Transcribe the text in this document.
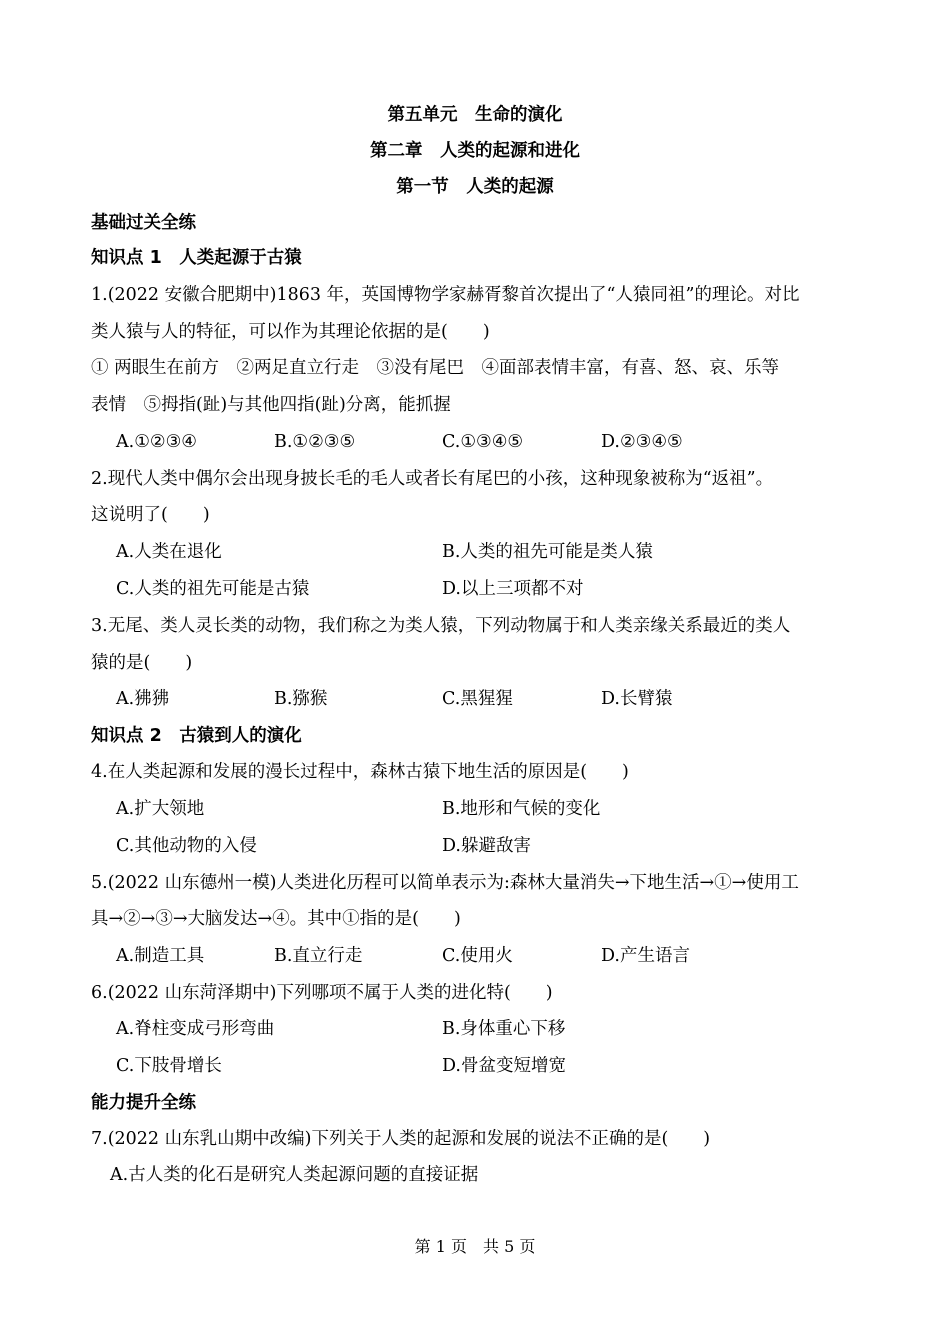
第五单元　生命的演化
第二章　人类的起源和进化
第一节　人类的起源
基础过关全练
知识点 1　人类起源于古猿
1.(2022 安徽合肥期中)1863 年，英国博物学家赫胥黎首次提出了“人猿同祖”的理论。对比
类人猿与人的特征，可以作为其理论依据的是(　　)
① 两眼生在前方　②两足直立行走　③没有尾巴　④面部表情丰富，有喜、怒、哀、乐等
表情　⑤拇指(趾)与其他四指(趾)分离，能抓握
A.①②③④	B.①②③⑤	C.①③④⑤	D.②③④⑤
2.现代人类中偶尔会出现身披长毛的毛人或者长有尾巴的小孩，这种现象被称为“返祖”。
这说明了(　　)
A.人类在退化	B.人类的祖先可能是类人猿
C.人类的祖先可能是古猿	D.以上三项都不对
3.无尾、类人灵长类的动物，我们称之为类人猿，下列动物属于和人类亲缘关系最近的类人
猿的是(　　)
A.狒狒	B.猕猴	C.黑猩猩	D.长臂猿
知识点 2　古猿到人的演化
4.在人类起源和发展的漫长过程中，森林古猿下地生活的原因是(　　)
A.扩大领地	B.地形和气候的变化
C.其他动物的入侵	D.躲避敌害
5.(2022 山东德州一模)人类进化历程可以简单表示为:森林大量消失→下地生活→①→使用工
具→②→③→大脑发达→④。其中①指的是(　　)
A.制造工具	B.直立行走	C.使用火	D.产生语言
6.(2022 山东菏泽期中)下列哪项不属于人类的进化特(　　)
A.脊柱变成弓形弯曲	B.身体重心下移
C.下肢骨增长	D.骨盆变短增宽
能力提升全练
7.(2022 山东乳山期中改编)下列关于人类的起源和发展的说法不正确的是(　　)
A.古人类的化石是研究人类起源问题的直接证据
第 1 页　共 5 页
